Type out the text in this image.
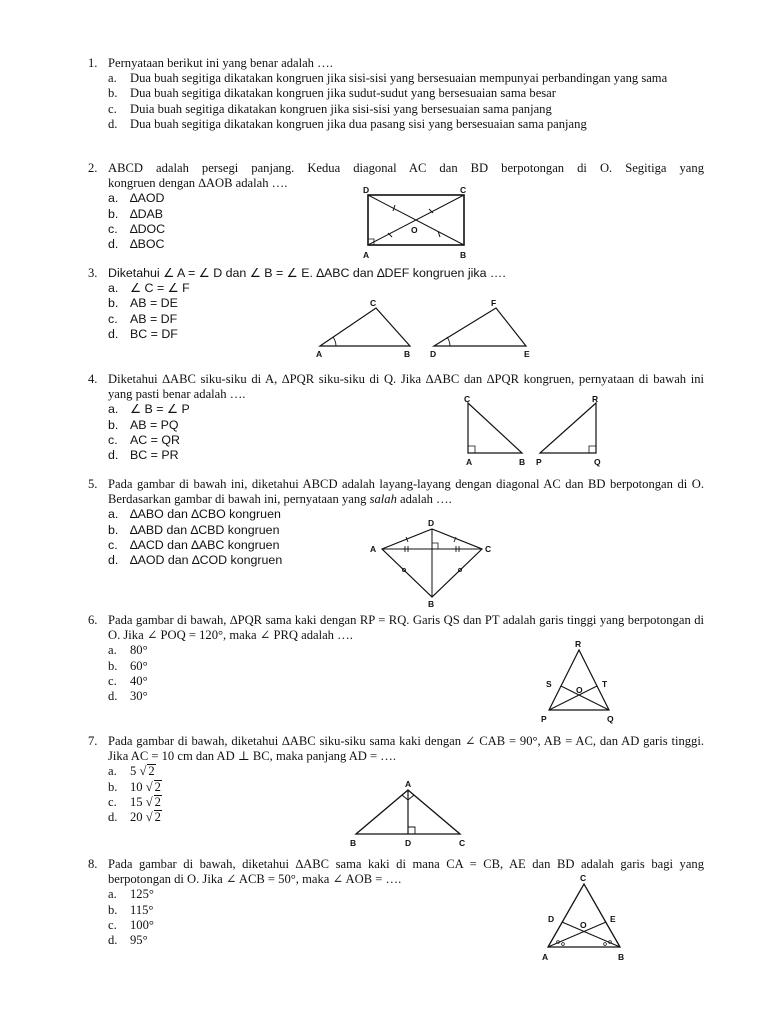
1. Pernyataan berikut ini yang benar adalah ….
a.	Dua buah segitiga dikatakan kongruen jika sisi-sisi yang bersesuaian mempunyai perbandingan yang sama
b. Dua buah segitiga dikatakan kongruen jika sudut-sudut yang bersesuaian sama besar
c.	Duia buah segitiga dikatakan kongruen jika sisi-sisi yang bersesuaian sama panjang
d. Dua buah segitiga dikatakan kongruen jika dua pasang sisi yang bersesuaian sama panjang
2. ABCD adalah persegi panjang. Kedua diagonal AC dan BD berpotongan di O. Segitiga yang
kongruen dengan ∆AOB adalah ….
a. ∆AOD
b. ∆DAB
c. ∆DOC
d. ∆BOC
D	C
A	B
O
3. Diketahui ∠ A = ∠ D dan ∠ B = ∠ E. ∆ABC dan ∆DEF kongruen jika ….
a. ∠ C = ∠ F
b. AB = DE
c. AB = DF
d. BC = DF
C
A	B
F
D	E
4. Diketahui ∆ABC siku-siku di A, ∆PQR siku-siku di Q. Jika ∆ABC dan ∆PQR kongruen, pernyataan di bawah ini yang pasti benar adalah ….
a. ∠ B = ∠ P
b. AB = PQ
c. AC = QR
d. BC = PR
C
A	B
R
P	Q
5. Pada gambar di bawah ini, diketahui ABCD adalah layang-layang dengan diagonal AC dan BD berpotongan di O. Berdasarkan gambar di bawah ini, pernyataan yang salah adalah ….
a. ∆ABO dan ∆CBO kongruen
b. ∆ABD dan ∆CBD kongruen
c. ∆ACD dan ∆ABC kongruen
d. ∆AOD dan ∆COD kongruen
D
A	C
B
6. Pada gambar di bawah, ∆PQR sama kaki dengan RP = RQ. Garis QS dan PT adalah garis tinggi yang berpotongan di O. Jika ∠ POQ = 120°, maka ∠ PRQ adalah ….
a.	80°
b. 60°
c.	40°
d. 30°
R
S	T
O
P	Q
7. Pada gambar di bawah, diketahui ∆ABC siku-siku sama kaki dengan ∠ CAB = 90°, AB = AC, dan AD garis tinggi. Jika AC = 10 cm dan AD ⊥ BC, maka panjang AD = ….
a.	5 √ 2
b. 10 √ 2
c.	15 √ 2
d. 20 √ 2
A
B	D	C
8. Pada gambar di bawah, diketahui ∆ABC sama kaki di mana CA = CB, AE dan BD adalah garis bagi yang berpotongan di O. Jika ∠ ACB = 50°, maka ∠ AOB = ….
a.	125°
b. 115°
c.	100°
d. 95°
C
D	E
O
A	B
